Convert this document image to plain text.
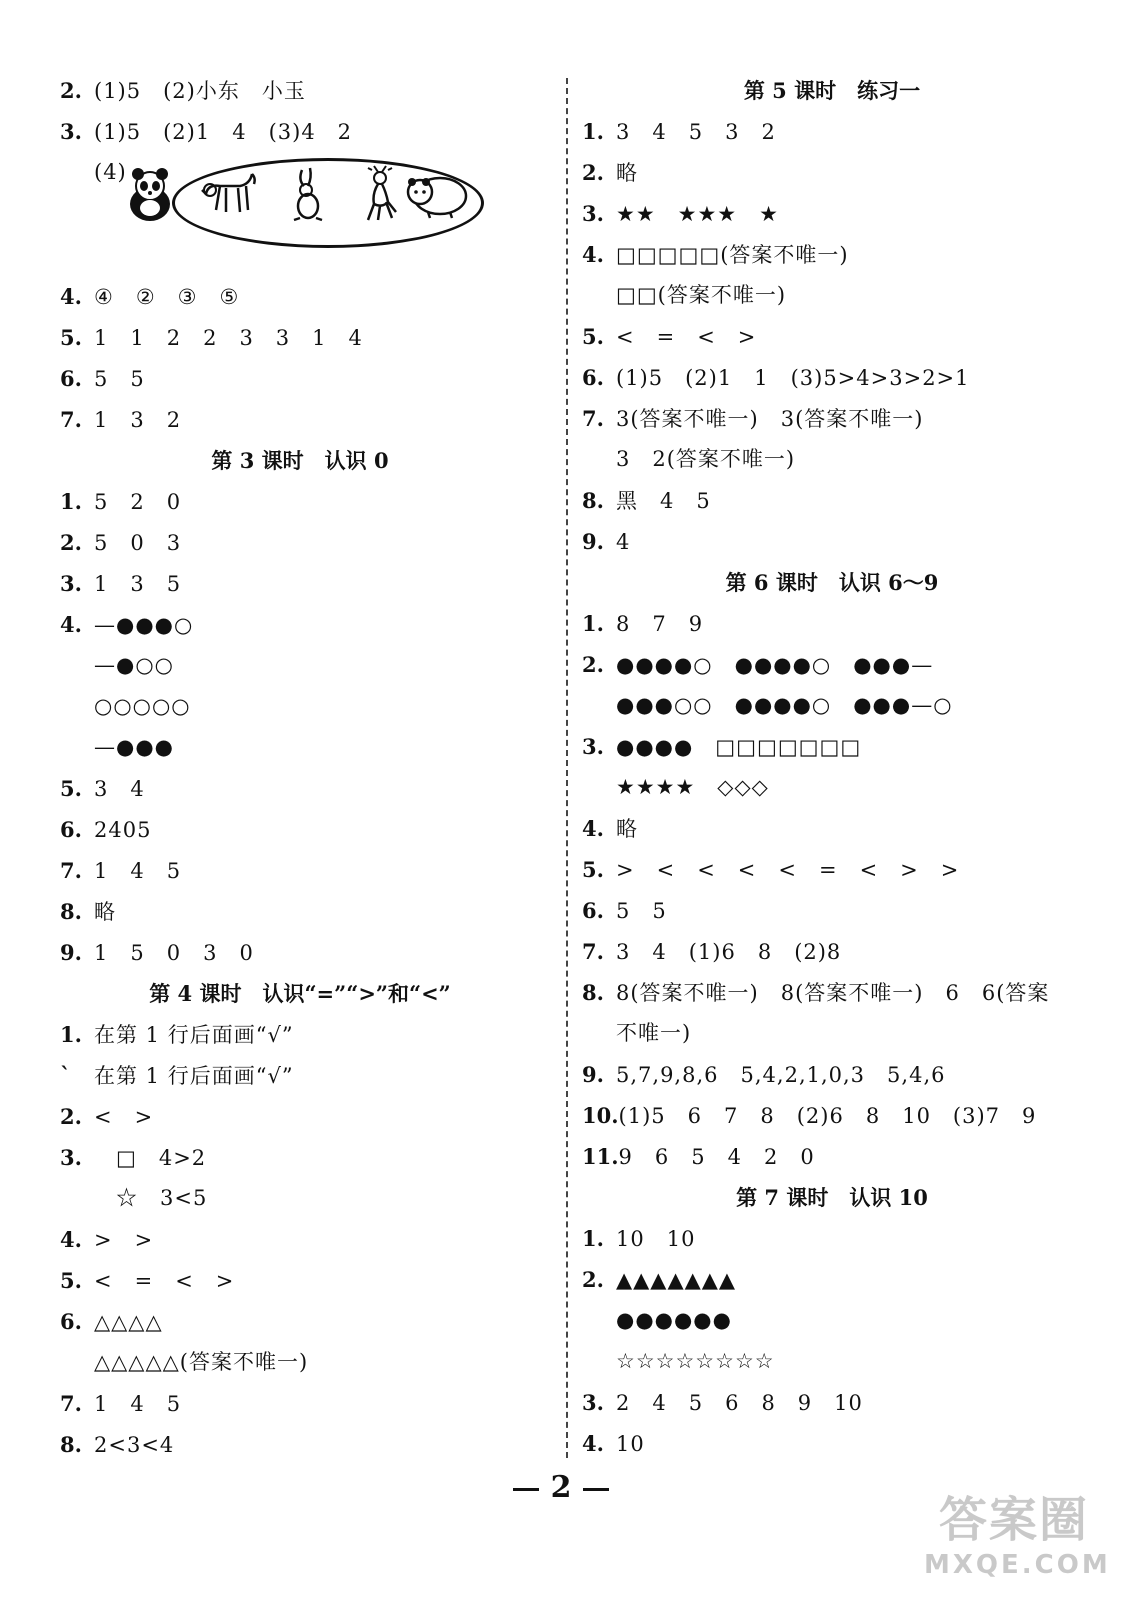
2. (1)5　(2)小东　小玉
3. (1)5　(2)1　4　(3)4　2
(4)
4. ④　②　③　⑤
5. 1　1　2　2　3　3　1　4
6. 5　5
7. 1　3　2
第 3 课时　认识 0
1. 5　2　0
2. 5　0　3
3. 1　3　5
4. —●●●○
—●○○
○○○○○
—●●●
5. 3　4
6. 2405
7. 1　4　5
8. 略
9. 1　5　0　3　0
第 4 课时　认识“=”“>”和“<”
1. 在第 1 行后面画“√”
` 在第 1 行后面画“√”
2. <　>
3.　□　4>2
　☆　3<5
4. >　>
5. <　=　<　>
6. △△△△
△△△△△(答案不唯一)
7. 1　4　5
8. 2<3<4
第 5 课时　练习一
1. 3　4　5　3　2
2. 略
3. ★★　★★★　★
4. □□□□□(答案不唯一)
□□(答案不唯一)
5. <　=　<　>
6. (1)5　(2)1　1　(3)5>4>3>2>1
7. 3(答案不唯一)　3(答案不唯一)
3　2(答案不唯一)
8. 黑　4　5
9. 4
第 6 课时　认识 6～9
1. 8　7　9
2. ●●●●○　●●●●○　●●●—
●●●○○　●●●●○　●●●—○
3. ●●●●　□□□□□□□
★★★★　◇◇◇
4. 略
5. >　<　<　<　<　=　<　>　>
6. 5　5
7. 3　4　(1)6　8　(2)8
8. 8(答案不唯一)　8(答案不唯一)　6　6(答案
不唯一)
9. 5,7,9,8,6　5,4,2,1,0,3　5,4,6
10.(1)5　6　7　8　(2)6　8　10　(3)7　9
11.9　6　5　4　2　0
第 7 课时　认识 10
1. 10　10
2. ▲▲▲▲▲▲▲
●●●●●●
☆☆☆☆☆☆☆☆
3. 2　4　5　6　8　9　10
4. 10
2
答案圈
MXQE.COM
